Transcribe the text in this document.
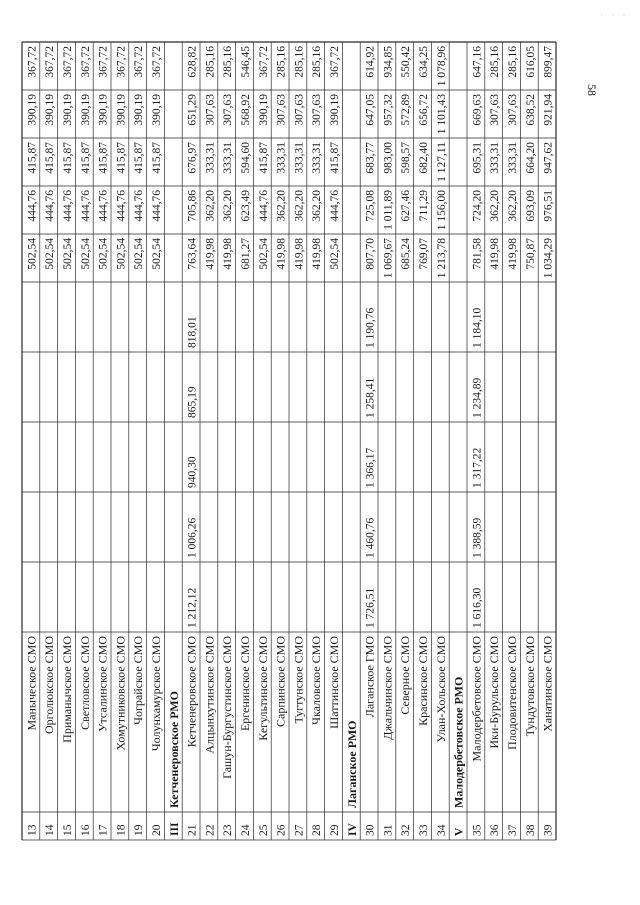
· · ·
58
13
Маныческое СМО
502,54
444,76
415,87
390,19
367,72
14
Орголюкское СМО
502,54
444,76
415,87
390,19
367,72
15
Приманычское СМО
502,54
444,76
415,87
390,19
367,72
16
Светловское СМО
502,54
444,76
415,87
390,19
367,72
17
Утсалинское СМО
502,54
444,76
415,87
390,19
367,72
18
Хомутниковское СМО
502,54
444,76
415,87
390,19
367,72
19
Чограйское СМО
502,54
444,76
415,87
390,19
367,72
20
Чолунхамурское СМО
502,54
444,76
415,87
390,19
367,72
III
Кетченеровское РМО
21
Кетченеровское СМО
1 212,12
1 006,26
940,30
865,19
818,01
763,64
705,86
676,97
651,29
628,82
22
Алцынхутинское СМО
419,98
362,20
333,31
307,63
285,16
23
Гашун-Бургустинское СМО
419,98
362,20
333,31
307,63
285,16
24
Ергенинское СМО
681,27
623,49
594,60
568,92
546,45
25
Кегультинское СМО
502,54
444,76
415,87
390,19
367,72
26
Сарпинское СМО
419,98
362,20
333,31
307,63
285,16
27
Тугтунское СМО
419,98
362,20
333,31
307,63
285,16
28
Чкаловское СМО
419,98
362,20
333,31
307,63
285,16
29
Шаттинское СМО
502,54
444,76
415,87
390,19
367,72
IV
Лаганское РМО
30
Лаганское ГМО
1 726,51
1 460,76
1 366,17
1 258,41
1 190,76
807,70
725,08
683,77
647,05
614,92
31
Джальчинское СМО
1 069,67
1 011,89
983,00
957,32
934,85
32
Северное СМО
685,24
627,46
598,57
572,89
550,42
33
Красинское СМО
769,07
711,29
682,40
656,72
634,25
34
Улан-Хольское СМО
1 213,78
1 156,00
1 127,11
1 101,43
1 078,96
V
Малодербетовское РМО
35
Малодербетовское СМО
1 616,30
1 388,59
1 317,22
1 234,89
1 184,10
781,58
724,20
695,31
669,63
647,16
36
Ики-Бурульское СМО
419,98
362,20
333,31
307,63
285,16
37
Плодовитенское СМО
419,98
362,20
333,31
307,63
285,16
38
Тундутовское СМО
750,87
693,09
664,20
638,52
616,05
39
Ханатинское СМО
1 034,29
976,51
947,62
921,94
899,47
